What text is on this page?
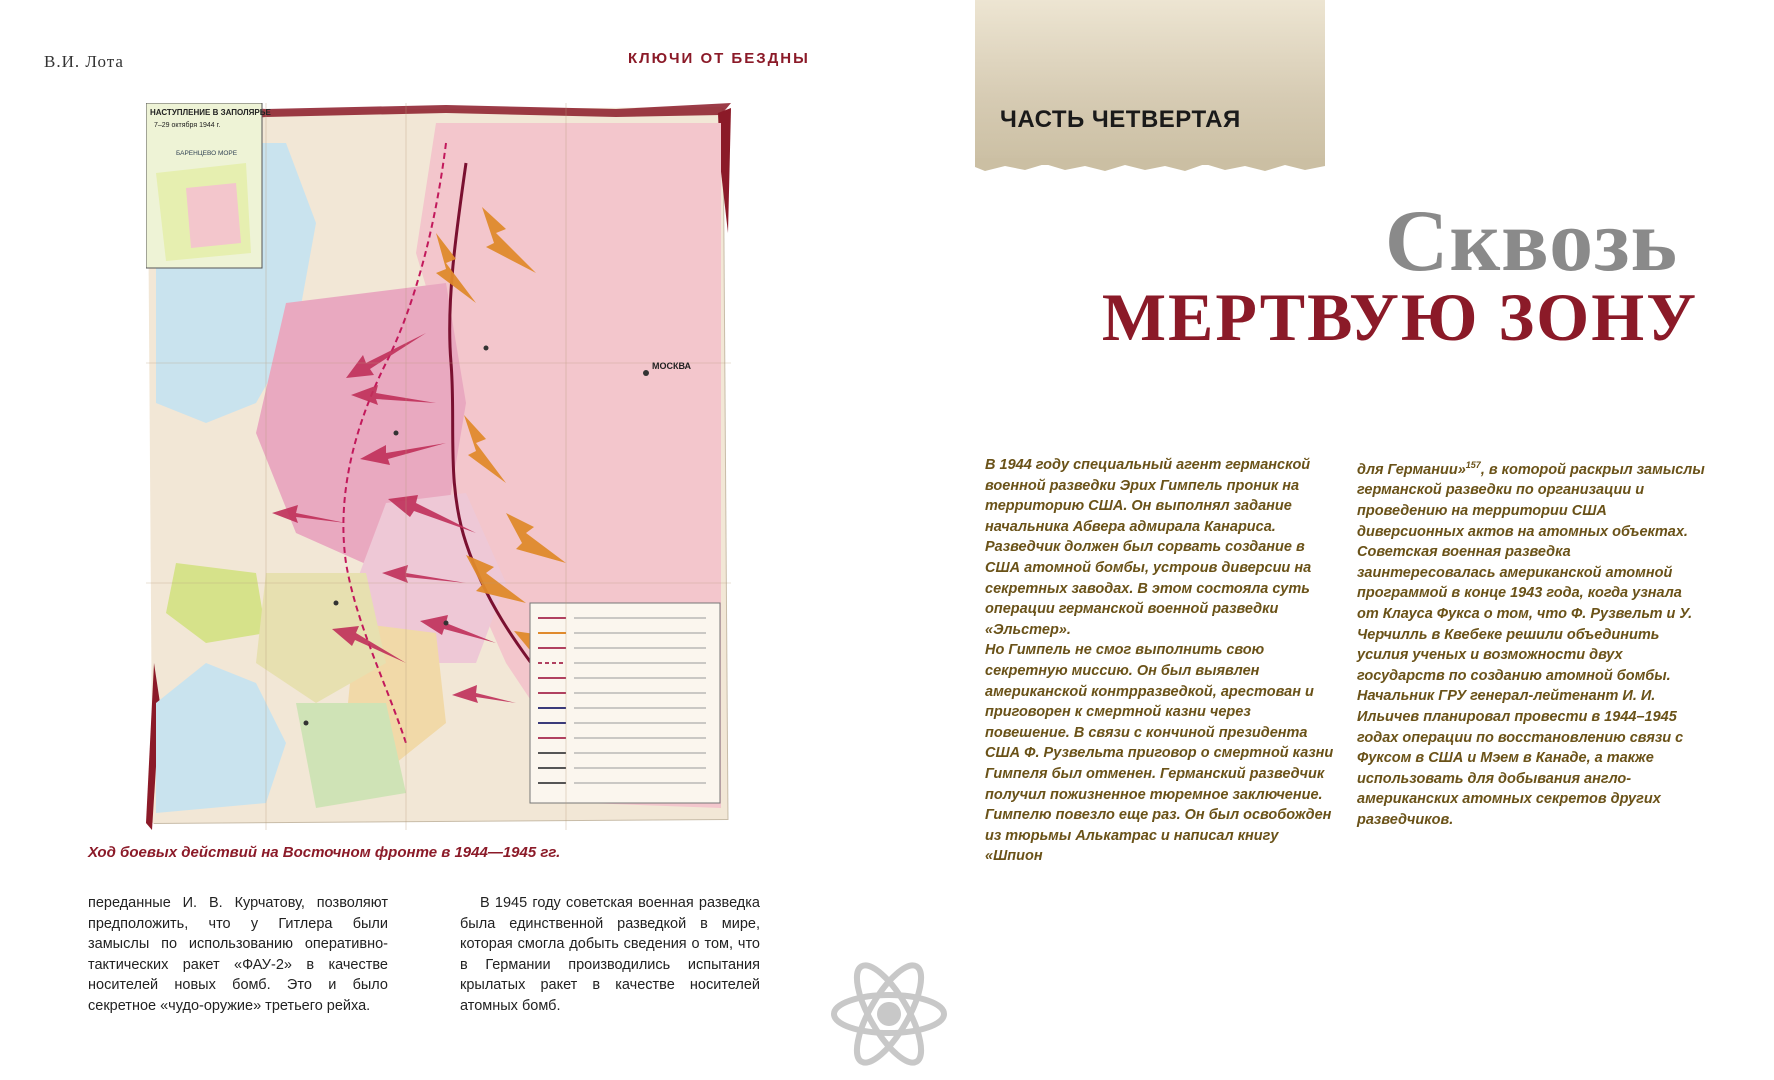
В.И. Лота	КЛЮЧИ ОТ БЕЗДНЫ
НАСТУПЛЕНИЕ В ЗАПОЛЯРЬЕ
7–29 октября 1944 г.
БАРЕНЦЕВО МОРЕ
МОСКВА
Ход боевых действий на Восточном фронте в 1944—1945 гг.

переданные И. В. Курчатову, позволяют предположить, что у Гитлера были замыслы по использованию оперативно-тактических ракет «ФАУ-2» в качестве носителей новых бомб. Это и было секретное «чудо-оружие» третьего рейха.

В 1945 году советская военная разведка была единственной разведкой в мире, которая смогла добыть сведения о том, что в Германии производились испытания крылатых ракет в качестве носителей атомных бомб.

ЧАСТЬ ЧЕТВЕРТАЯ
Сквозь
МЕРТВУЮ ЗОНУ

В 1944 году специальный агент германской военной разведки Эрих Гимпель проник на территорию США. Он выполнял задание начальника Абвера адмирала Канариса.

Разведчик должен был сорвать создание в США атомной бомбы, устроив диверсии на секретных заводах. В этом состояла суть операции германской военной разведки «Эльстер».

Но Гимпель не смог выполнить свою секретную миссию. Он был выявлен американской контрразведкой, арестован и приговорен к смертной казни через повешение. В связи с кончиной президента США Ф. Рузвельта приговор о смертной казни Гимпеля был отменен. Германский разведчик получил пожизненное тюремное заключение.

Гимпелю повезло еще раз. Он был освобожден из тюрьмы Алькатрас и написал книгу «Шпион

для Германии»$^{157}$, в которой раскрыл замыслы германской разведки по организации и проведению на территории США диверсионных актов на атомных объектах.

Советская военная разведка заинтересовалась американской атомной программой в конце 1943 года, когда узнала от Клауса Фукса о том, что Ф. Рузвельт и У. Черчилль в Квебеке решили объединить усилия ученых и возможности двух государств по созданию атомной бомбы.

Начальник ГРУ генерал-лейтенант И. И. Ильичев планировал провести в 1944–1945 годах операции по восстановлению связи с Фуксом в США и Мэем в Канаде, а также использовать для добывания англо-американских атомных секретов других разведчиков.
